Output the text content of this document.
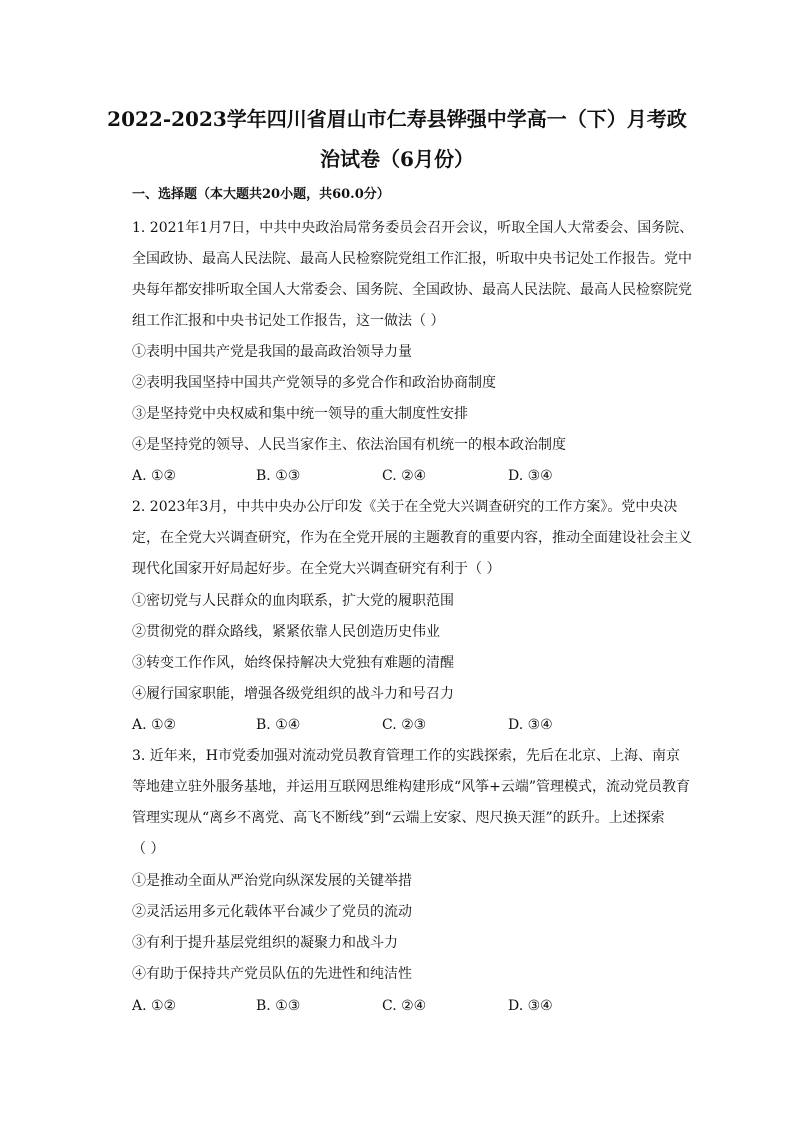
2022-2023学年四川省眉山市仁寿县铧强中学高一（下）月考政
治试卷（6月份）
一、选择题（本大题共20小题，共60.0分）
1. 2021年1月7日，中共中央政治局常务委员会召开会议，听取全国人大常委会、国务院、
全国政协、最高人民法院、最高人民检察院党组工作汇报，听取中央书记处工作报告。党中
央每年都安排听取全国人大常委会、国务院、全国政协、最高人民法院、最高人民检察院党
组工作汇报和中央书记处工作报告，这一做法（ ）
①表明中国共产党是我国的最高政治领导力量
②表明我国坚持中国共产党领导的多党合作和政治协商制度
③是坚持党中央权威和集中统一领导的重大制度性安排
④是坚持党的领导、人民当家作主、依法治国有机统一的根本政治制度
A. ①②	B. ①③	C. ②④	D. ③④
2. 2023年3月，中共中央办公厅印发《关于在全党大兴调查研究的工作方案》。党中央决
定，在全党大兴调查研究，作为在全党开展的主题教育的重要内容，推动全面建设社会主义
现代化国家开好局起好步。在全党大兴调查研究有利于（ ）
①密切党与人民群众的血肉联系，扩大党的履职范围
②贯彻党的群众路线，紧紧依靠人民创造历史伟业
③转变工作作风，始终保持解决大党独有难题的清醒
④履行国家职能，增强各级党组织的战斗力和号召力
A. ①②	B. ①④	C. ②③	D. ③④
3. 近年来，H市党委加强对流动党员教育管理工作的实践探索，先后在北京、上海、南京
等地建立驻外服务基地，并运用互联网思维构建形成“风筝+云端”管理模式，流动党员教育
管理实现从“离乡不离党、高飞不断线”到“云端上安家、咫尺换天涯”的跃升。上述探索
（ ）
①是推动全面从严治党向纵深发展的关键举措
②灵活运用多元化载体平台减少了党员的流动
③有利于提升基层党组织的凝聚力和战斗力
④有助于保持共产党员队伍的先进性和纯洁性
A. ①②	B. ①③	C. ②④	D. ③④
